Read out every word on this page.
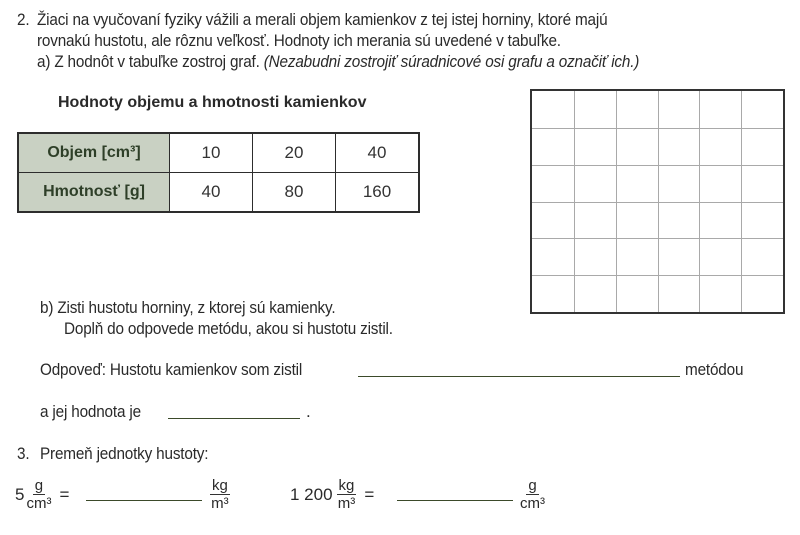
2. Žiaci na vyučovaní fyziky vážili a merali objem kamienkov z tej istej horniny, ktoré majú
rovnakú hustotu, ale rôznu veľkosť. Hodnoty ich merania sú uvedené v tabuľke.
a) Z hodnôt v tabuľke zostroj graf. (Nezabudni zostrojiť súradnicové osi grafu a označiť ich.)
Hodnoty objemu a hmotnosti kamienkov
Objem [cm³]	10	20	40
Hmotnosť [g]	40	80	160
b) Zisti hustotu horniny, z ktorej sú kamienky.
Doplň do odpovede metódu, akou si hustotu zistil.
Odpoveď: Hustotu kamienkov som zistil	metódou
a jej hodnota je	.
3. Premeň jednotky hustoty:
$5 \frac{g}{\text{cm³}}$ =	$\frac{kg}{\text{m³}}$	1 $200 \frac{kg}{\text{m³}}$ =	$\frac{g}{\text{cm³}}$
